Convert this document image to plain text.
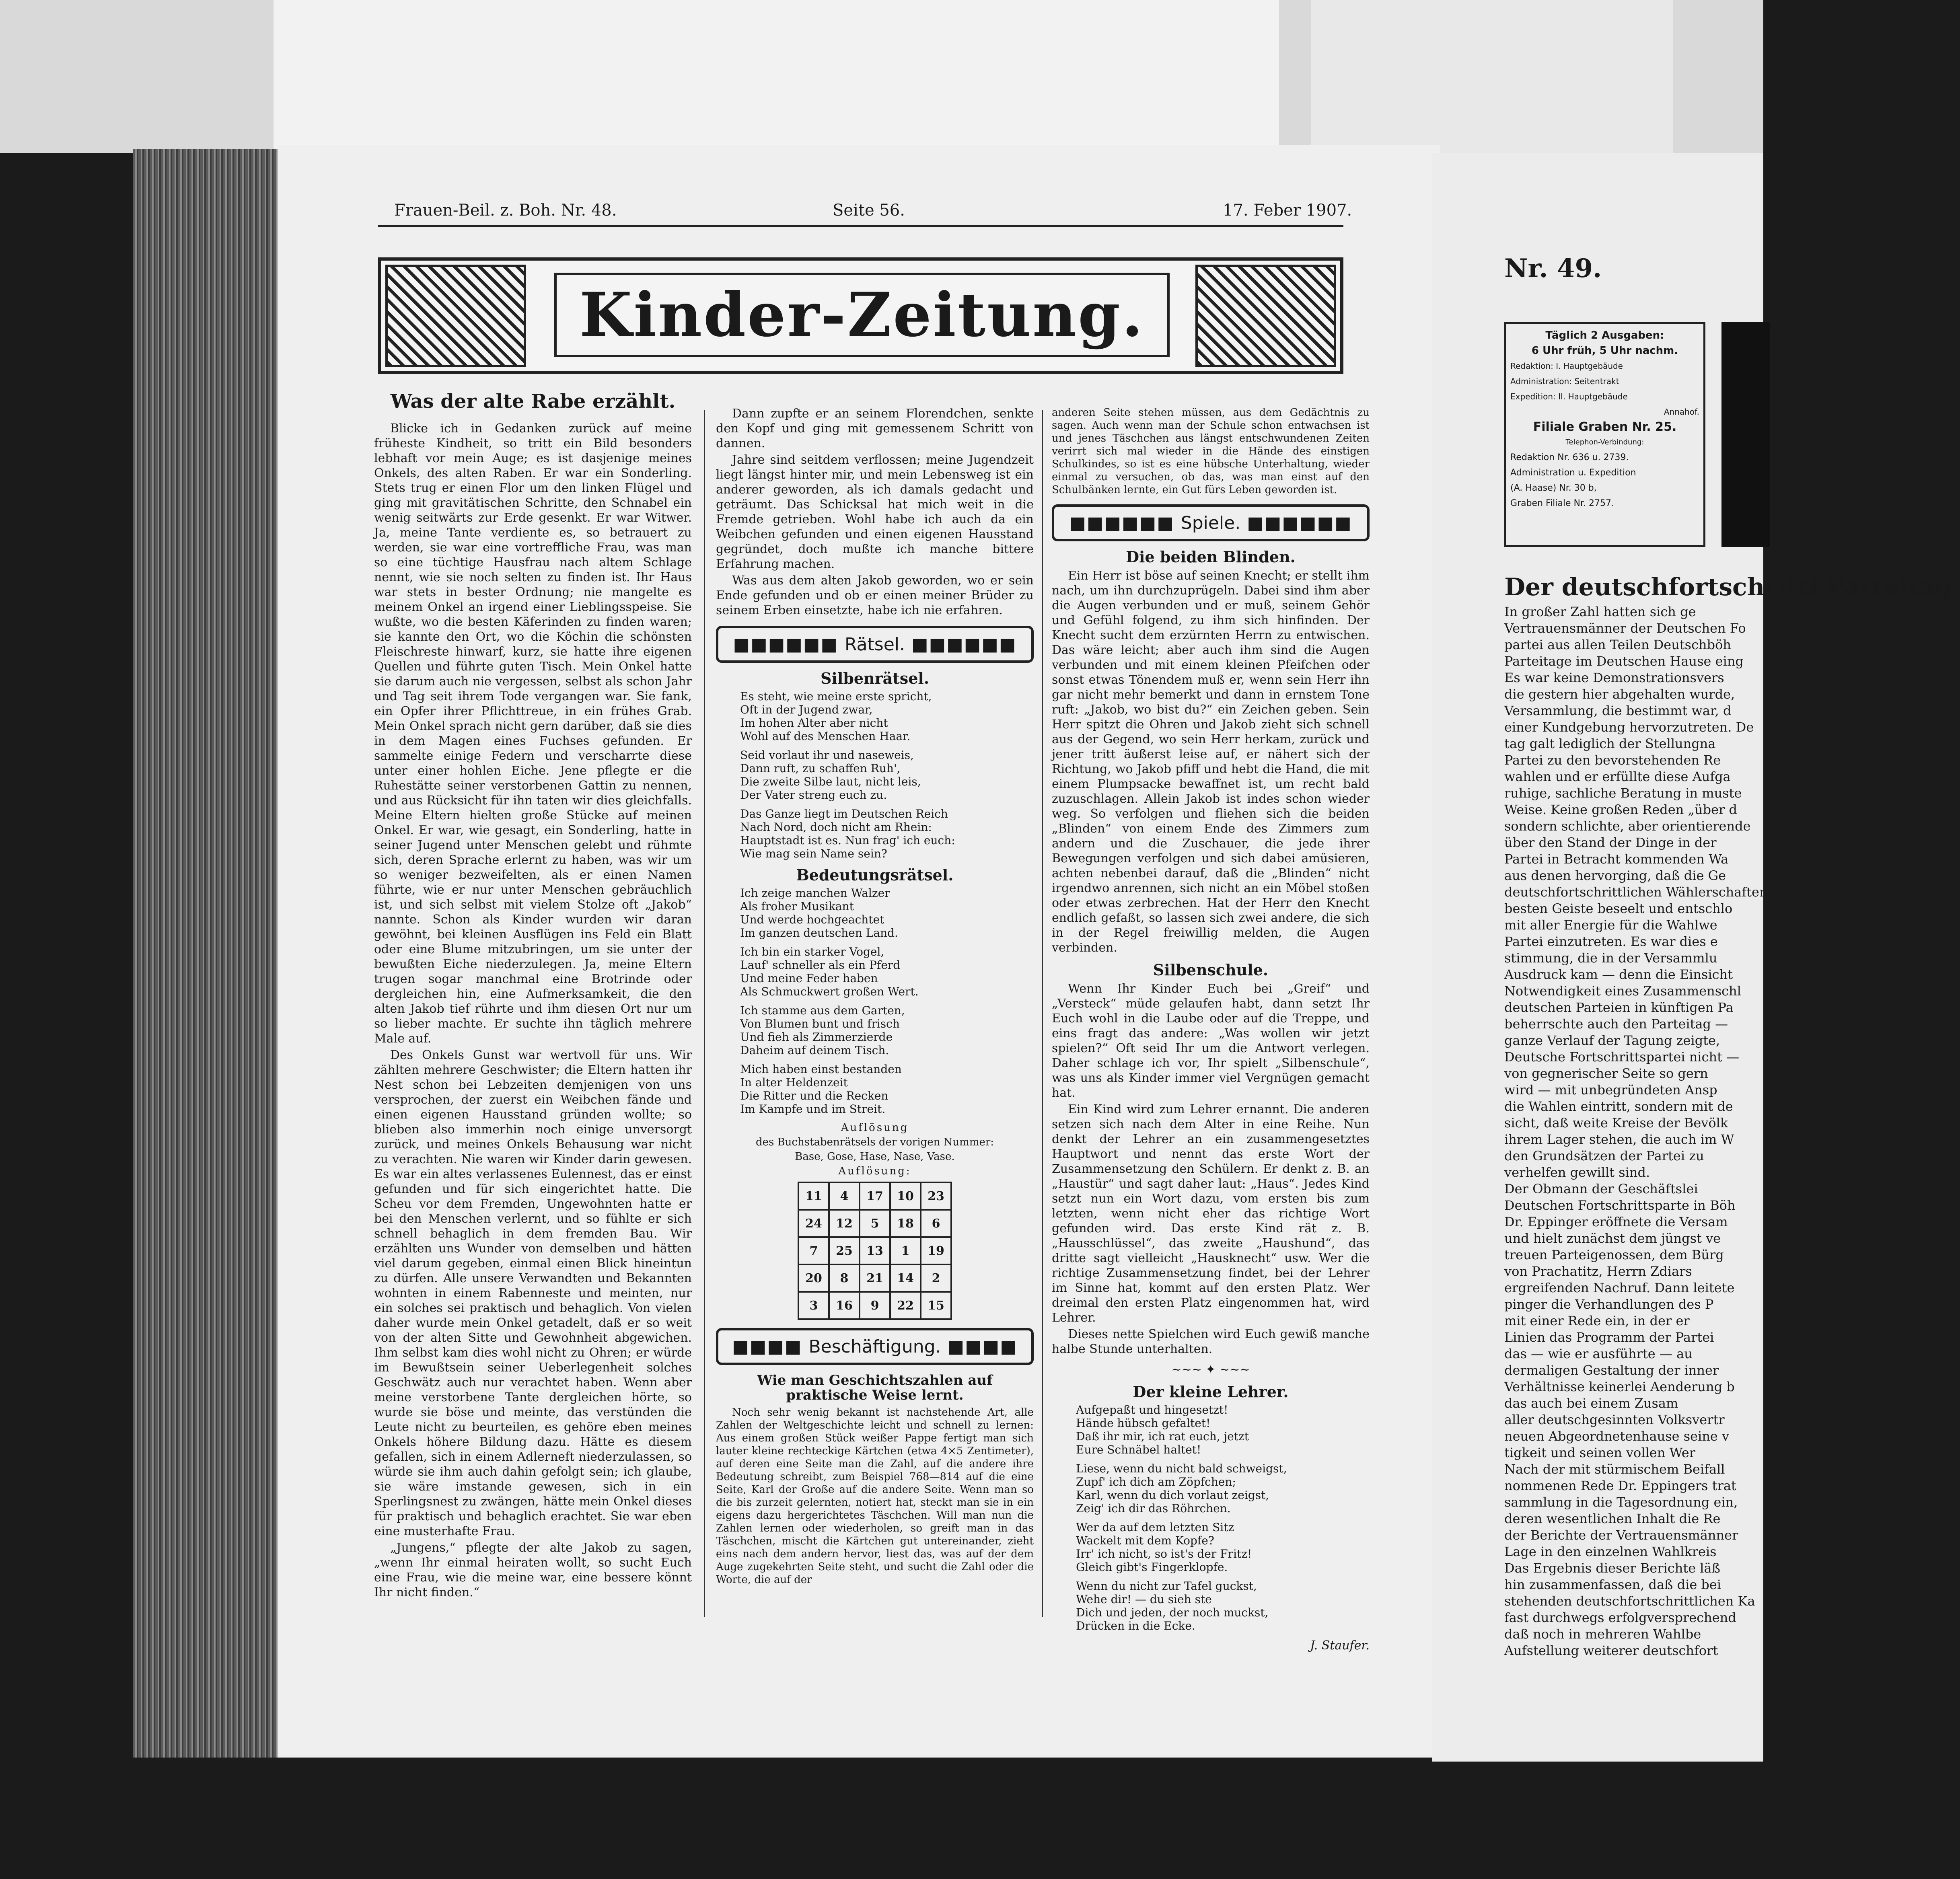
Frauen-Beil. z. Boh. Nr. 48.	Seite 56.	17. Feber 1907.
Kinder-Zeitung.
Was der alte Rabe erzählt.

Blicke ich in Gedanken zurück auf meine früheste Kindheit, so tritt ein Bild besonders lebhaft vor mein Auge; es ist dasjenige meines Onkels, des alten Raben. Er war ein Sonderling. Stets trug er einen Flor um den linken Flügel und ging mit gravitätischen Schritte, den Schnabel ein wenig seitwärts zur Erde gesenkt. Er war Witwer. Ja, meine Tante verdiente es, so betrauert zu werden, sie war eine vortreffliche Frau, was man so eine tüchtige Hausfrau nach altem Schlage nennt, wie sie noch selten zu finden ist. Ihr Haus war stets in bester Ordnung; nie mangelte es meinem Onkel an irgend einer Lieblingsspeise. Sie wußte, wo die besten Käferinden zu finden waren; sie kannte den Ort, wo die Köchin die schönsten Fleischreste hinwarf, kurz, sie hatte ihre eigenen Quellen und führte guten Tisch. Mein Onkel hatte sie darum auch nie vergessen, selbst als schon Jahr und Tag seit ihrem Tode vergangen war. Sie fank, ein Opfer ihrer Pflichttreue, in ein frühes Grab. Mein Onkel sprach nicht gern darüber, daß sie dies in dem Magen eines Fuchses gefunden. Er sammelte einige Federn und verscharrte diese unter einer hohlen Eiche. Jene pflegte er die Ruhestätte seiner verstorbenen Gattin zu nennen, und aus Rücksicht für ihn taten wir dies gleichfalls. Meine Eltern hielten große Stücke auf meinen Onkel. Er war, wie gesagt, ein Sonderling, hatte in seiner Jugend unter Menschen gelebt und rühmte sich, deren Sprache erlernt zu haben, was wir um so weniger bezweifelten, als er einen Namen führte, wie er nur unter Menschen gebräuchlich ist, und sich selbst mit vielem Stolze oft „Jakob“ nannte. Schon als Kinder wurden wir daran gewöhnt, bei kleinen Ausflügen ins Feld ein Blatt oder eine Blume mitzubringen, um sie unter der bewußten Eiche niederzulegen. Ja, meine Eltern trugen sogar manchmal eine Brotrinde oder dergleichen hin, eine Aufmerksamkeit, die den alten Jakob tief rührte und ihm diesen Ort nur um so lieber machte. Er suchte ihn täglich mehrere Male auf.

Des Onkels Gunst war wertvoll für uns. Wir zählten mehrere Geschwister; die Eltern hatten ihr Nest schon bei Lebzeiten demjenigen von uns versprochen, der zuerst ein Weibchen fände und einen eigenen Hausstand gründen wollte; so blieben also immerhin noch einige unversorgt zurück, und meines Onkels Behausung war nicht zu verachten. Nie waren wir Kinder darin gewesen. Es war ein altes verlassenes Eulennest, das er einst gefunden und für sich eingerichtet hatte. Die Scheu vor dem Fremden, Ungewohnten hatte er bei den Menschen verlernt, und so fühlte er sich schnell behaglich in dem fremden Bau. Wir erzählten uns Wunder von demselben und hätten viel darum gegeben, einmal einen Blick hineintun zu dürfen. Alle unsere Verwandten und Bekannten wohnten in einem Rabenneste und meinten, nur ein solches sei praktisch und behaglich. Von vielen daher wurde mein Onkel getadelt, daß er so weit von der alten Sitte und Gewohnheit abgewichen. Ihm selbst kam dies wohl nicht zu Ohren; er würde im Bewußtsein seiner Ueberlegenheit solches Geschwätz auch nur verachtet haben. Wenn aber meine verstorbene Tante dergleichen hörte, so wurde sie böse und meinte, das verstünden die Leute nicht zu beurteilen, es gehöre eben meines Onkels höhere Bildung dazu. Hätte es diesem gefallen, sich in einem Adlerneft niederzulassen, so würde sie ihm auch dahin gefolgt sein; ich glaube, sie wäre imstande gewesen, sich in ein Sperlingsnest zu zwängen, hätte mein Onkel dieses für praktisch und behaglich erachtet. Sie war eben eine musterhafte Frau.

„Jungens,“ pflegte der alte Jakob zu sagen, „wenn Ihr einmal heiraten wollt, so sucht Euch eine Frau, wie die meine war, eine bessere könnt Ihr nicht finden.“

Dann zupfte er an seinem Florendchen, senkte den Kopf und ging mit gemessenem Schritt von dannen.

Jahre sind seitdem verflossen; meine Jugendzeit liegt längst hinter mir, und mein Lebensweg ist ein anderer geworden, als ich damals gedacht und geträumt. Das Schicksal hat mich weit in die Fremde getrieben. Wohl habe ich auch da ein Weibchen gefunden und einen eigenen Hausstand gegründet, doch mußte ich manche bittere Erfahrung machen.

Was aus dem alten Jakob geworden, wo er sein Ende gefunden und ob er einen meiner Brüder zu seinem Erben einsetzte, habe ich nie erfahren.

■■■■■■ Rätsel. ■■■■■■
Silbenrätsel.

Es steht, wie meine erste spricht,
Oft in der Jugend zwar,
Im hohen Alter aber nicht
Wohl auf des Menschen Haar.

Seid vorlaut ihr und naseweis,
Dann ruft, zu schaffen Ruh',
Die zweite Silbe laut, nicht leis,
Der Vater streng euch zu.

Das Ganze liegt im Deutschen Reich
Nach Nord, doch nicht am Rhein:
Hauptstadt ist es. Nun frag' ich euch:
Wie mag sein Name sein?

Bedeutungsrätsel.

Ich zeige manchen Walzer
Als froher Musikant
Und werde hochgeachtet
Im ganzen deutschen Land.

Ich bin ein starker Vogel,
Lauf' schneller als ein Pferd
Und meine Feder haben
Als Schmuckwert großen Wert.

Ich stamme aus dem Garten,
Von Blumen bunt und frisch
Und fieh als Zimmerzierde
Daheim auf deinem Tisch.

Mich haben einst bestanden
In alter Heldenzeit
Die Ritter und die Recken
Im Kampfe und im Streit.

Auflösung

des Buchstabenrätsels der vorigen Nummer:

Base, Gose, Hase, Nase, Vase.

Auflösung:

11	4	17	10	23
24	12	5	18	6
7	25	13	1	19
20	8	21	14	2
3	16	9	22	15
■■■■ Beschäftigung. ■■■■
Wie man Geschichtszahlen auf praktische Weise lernt.

Noch sehr wenig bekannt ist nachstehende Art, alle Zahlen der Weltgeschichte leicht und schnell zu lernen: Aus einem großen Stück weißer Pappe fertigt man sich lauter kleine rechteckige Kärtchen (etwa 4×5 Zentimeter), auf deren eine Seite man die Zahl, auf die andere ihre Bedeutung schreibt, zum Beispiel 768—814 auf die eine Seite, Karl der Große auf die andere Seite. Wenn man so die bis zurzeit gelernten, notiert hat, steckt man sie in ein eigens dazu hergerichtetes Täschchen. Will man nun die Zahlen lernen oder wiederholen, so greift man in das Täschchen, mischt die Kärtchen gut untereinander, zieht eins nach dem andern hervor, liest das, was auf der dem Auge zugekehrten Seite steht, und sucht die Zahl oder die Worte, die auf der

anderen Seite stehen müssen, aus dem Gedächtnis zu sagen. Auch wenn man der Schule schon entwachsen ist und jenes Täschchen aus längst entschwundenen Zeiten verirrt sich mal wieder in die Hände des einstigen Schulkindes, so ist es eine hübsche Unterhaltung, wieder einmal zu versuchen, ob das, was man einst auf den Schulbänken lernte, ein Gut fürs Leben geworden ist.

■■■■■■ Spiele. ■■■■■■
Die beiden Blinden.

Ein Herr ist böse auf seinen Knecht; er stellt ihm nach, um ihn durchzuprügeln. Dabei sind ihm aber die Augen verbunden und er muß, seinem Gehör und Gefühl folgend, zu ihm sich hinfinden. Der Knecht sucht dem erzürnten Herrn zu entwischen. Das wäre leicht; aber auch ihm sind die Augen verbunden und mit einem kleinen Pfeifchen oder sonst etwas Tönendem muß er, wenn sein Herr ihn gar nicht mehr bemerkt und dann in ernstem Tone ruft: „Jakob, wo bist du?“ ein Zeichen geben. Sein Herr spitzt die Ohren und Jakob zieht sich schnell aus der Gegend, wo sein Herr herkam, zurück und jener tritt äußerst leise auf, er nähert sich der Richtung, wo Jakob pfiff und hebt die Hand, die mit einem Plumpsacke bewaffnet ist, um recht bald zuzuschlagen. Allein Jakob ist indes schon wieder weg. So verfolgen und fliehen sich die beiden „Blinden“ von einem Ende des Zimmers zum andern und die Zuschauer, die jede ihrer Bewegungen verfolgen und sich dabei amüsieren, achten nebenbei darauf, daß die „Blinden“ nicht irgendwo anrennen, sich nicht an ein Möbel stoßen oder etwas zerbrechen. Hat der Herr den Knecht endlich gefaßt, so lassen sich zwei andere, die sich in der Regel freiwillig melden, die Augen verbinden.

Silbenschule.

Wenn Ihr Kinder Euch bei „Greif“ und „Versteck“ müde gelaufen habt, dann setzt Ihr Euch wohl in die Laube oder auf die Treppe, und eins fragt das andere: „Was wollen wir jetzt spielen?“ Oft seid Ihr um die Antwort verlegen. Daher schlage ich vor, Ihr spielt „Silbenschule“, was uns als Kinder immer viel Vergnügen gemacht hat.

Ein Kind wird zum Lehrer ernannt. Die anderen setzen sich nach dem Alter in eine Reihe. Nun denkt der Lehrer an ein zusammengesetztes Hauptwort und nennt das erste Wort der Zusammensetzung den Schülern. Er denkt z. B. an „Haustür“ und sagt daher laut: „Haus“. Jedes Kind setzt nun ein Wort dazu, vom ersten bis zum letzten, wenn nicht eher das richtige Wort gefunden wird. Das erste Kind rät z. B. „Hausschlüssel“, das zweite „Haushund“, das dritte sagt vielleicht „Hausknecht“ usw. Wer die richtige Zusammensetzung findet, bei der Lehrer im Sinne hat, kommt auf den ersten Platz. Wer dreimal den ersten Platz eingenommen hat, wird Lehrer.

Dieses nette Spielchen wird Euch gewiß manche halbe Stunde unterhalten.

~~~ ✦ ~~~
Der kleine Lehrer.

Aufgepaßt und hingesetzt!
Hände hübsch gefaltet!
Daß ihr mir, ich rat euch, jetzt
Eure Schnäbel haltet!

Liese, wenn du nicht bald schweigst,
Zupf' ich dich am Zöpfchen;
Karl, wenn du dich vorlaut zeigst,
Zeig' ich dir das Röhrchen.

Wer da auf dem letzten Sitz
Wackelt mit dem Kopfe?
Irr' ich nicht, so ist's der Fritz!
Gleich gibt's Fingerklopfe.

Wenn du nicht zur Tafel guckst,
Wehe dir! — du sieh ste
Dich und jeden, der noch muckst,
Drücken in die Ecke.

J. Staufer.

Nr. 49.
Täglich 2 Ausgaben:
6 Uhr früh, 5 Uhr nachm.
Redaktion: I. Hauptgebäude
Administration: Seitentrakt
Expedition: II. Hauptgebäude
Annahof.
Filiale Graben Nr. 25.
Telephon-Verbindung:
Redaktion Nr. 636 u. 2739.
Administration u. Expedition
(A. Haase) Nr. 30 b,
Graben Filiale Nr. 2757.
Der deutschfortschrittl Parteitag.
In großer Zahl hatten sich ge
Vertrauensmänner der Deutschen Fo
partei aus allen Teilen Deutschböh
Parteitage im Deutschen Hause eing
Es war keine Demonstrationsvers
die gestern hier abgehalten wurde,
Versammlung, die bestimmt war, d
einer Kundgebung hervorzutreten. De
tag galt lediglich der Stellungna
Partei zu den bevorstehenden Re
wahlen und er erfüllte diese Aufga
ruhige, sachliche Beratung in muste
Weise. Keine großen Reden „über d
sondern schlichte, aber orientierende
über den Stand der Dinge in der
Partei in Betracht kommenden Wa
aus denen hervorging, daß die Ge
deutschfortschrittlichen Wählerschaften
besten Geiste beseelt und entschlo
mit aller Energie für die Wahlwe
Partei einzutreten. Es war dies e
stimmung, die in der Versammlu
Ausdruck kam — denn die Einsicht
Notwendigkeit eines Zusammenschl
deutschen Parteien in künftigen Pa
beherrschte auch den Parteitag —
ganze Verlauf der Tagung zeigte,
Deutsche Fortschrittspartei nicht —
von gegnerischer Seite so gern
wird — mit unbegründeten Ansp
die Wahlen eintritt, sondern mit de
sicht, daß weite Kreise der Bevölk
ihrem Lager stehen, die auch im W
den Grundsätzen der Partei zu
verhelfen gewillt sind.
Der Obmann der Geschäftslei
Deutschen Fortschrittsparte in Böh
Dr. Eppinger eröffnete die Versam
und hielt zunächst dem jüngst ve
treuen Parteigenossen, dem Bürg
von Prachatitz, Herrn Zdiars
ergreifenden Nachruf. Dann leitete
pinger die Verhandlungen des P
mit einer Rede ein, in der er
Linien das Programm der Partei
das — wie er ausführte — au
dermaligen Gestaltung der inner
Verhältnisse keinerlei Aenderung b
das auch bei einem Zusam
aller deutschgesinnten Volksvertr
neuen Abgeordnetenhause seine v
tigkeit und seinen vollen Wer
Nach der mit stürmischem Beifall
nommenen Rede Dr. Eppingers trat
sammlung in die Tagesordnung ein,
deren wesentlichen Inhalt die Re
der Berichte der Vertrauensmänner
Lage in den einzelnen Wahlkreis
Das Ergebnis dieser Berichte läß
hin zusammenfassen, daß die bei
stehenden deutschfortschrittlichen Ka
fast durchwegs erfolgversprechend
daß noch in mehreren Wahlbe
Aufstellung weiterer deutschfort
